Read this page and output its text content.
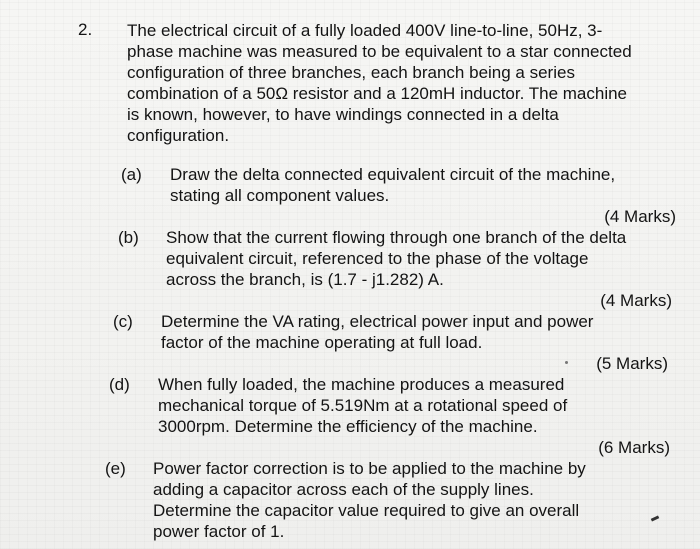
2. The electrical circuit of a fully loaded 400V line-to-line, 50Hz, 3-
phase machine was measured to be equivalent to a star connected
configuration of three branches, each branch being a series
combination of a 50Ω resistor and a 120mH inductor. The machine
is known, however, to have windings connected in a delta
configuration.
(a) Draw the delta connected equivalent circuit of the machine,
stating all component values.
(4 Marks)
(b) Show that the current flowing through one branch of the delta
equivalent circuit, referenced to the phase of the voltage
across the branch, is (1.7 - j1.282) A.
(4 Marks)
(c) Determine the VA rating, electrical power input and power
factor of the machine operating at full load.
(5 Marks)
(d) When fully loaded, the machine produces a measured
mechanical torque of 5.519Nm at a rotational speed of
3000rpm. Determine the efficiency of the machine.
(6 Marks)
(e) Power factor correction is to be applied to the machine by
adding a capacitor across each of the supply lines.
Determine the capacitor value required to give an overall
power factor of 1.
